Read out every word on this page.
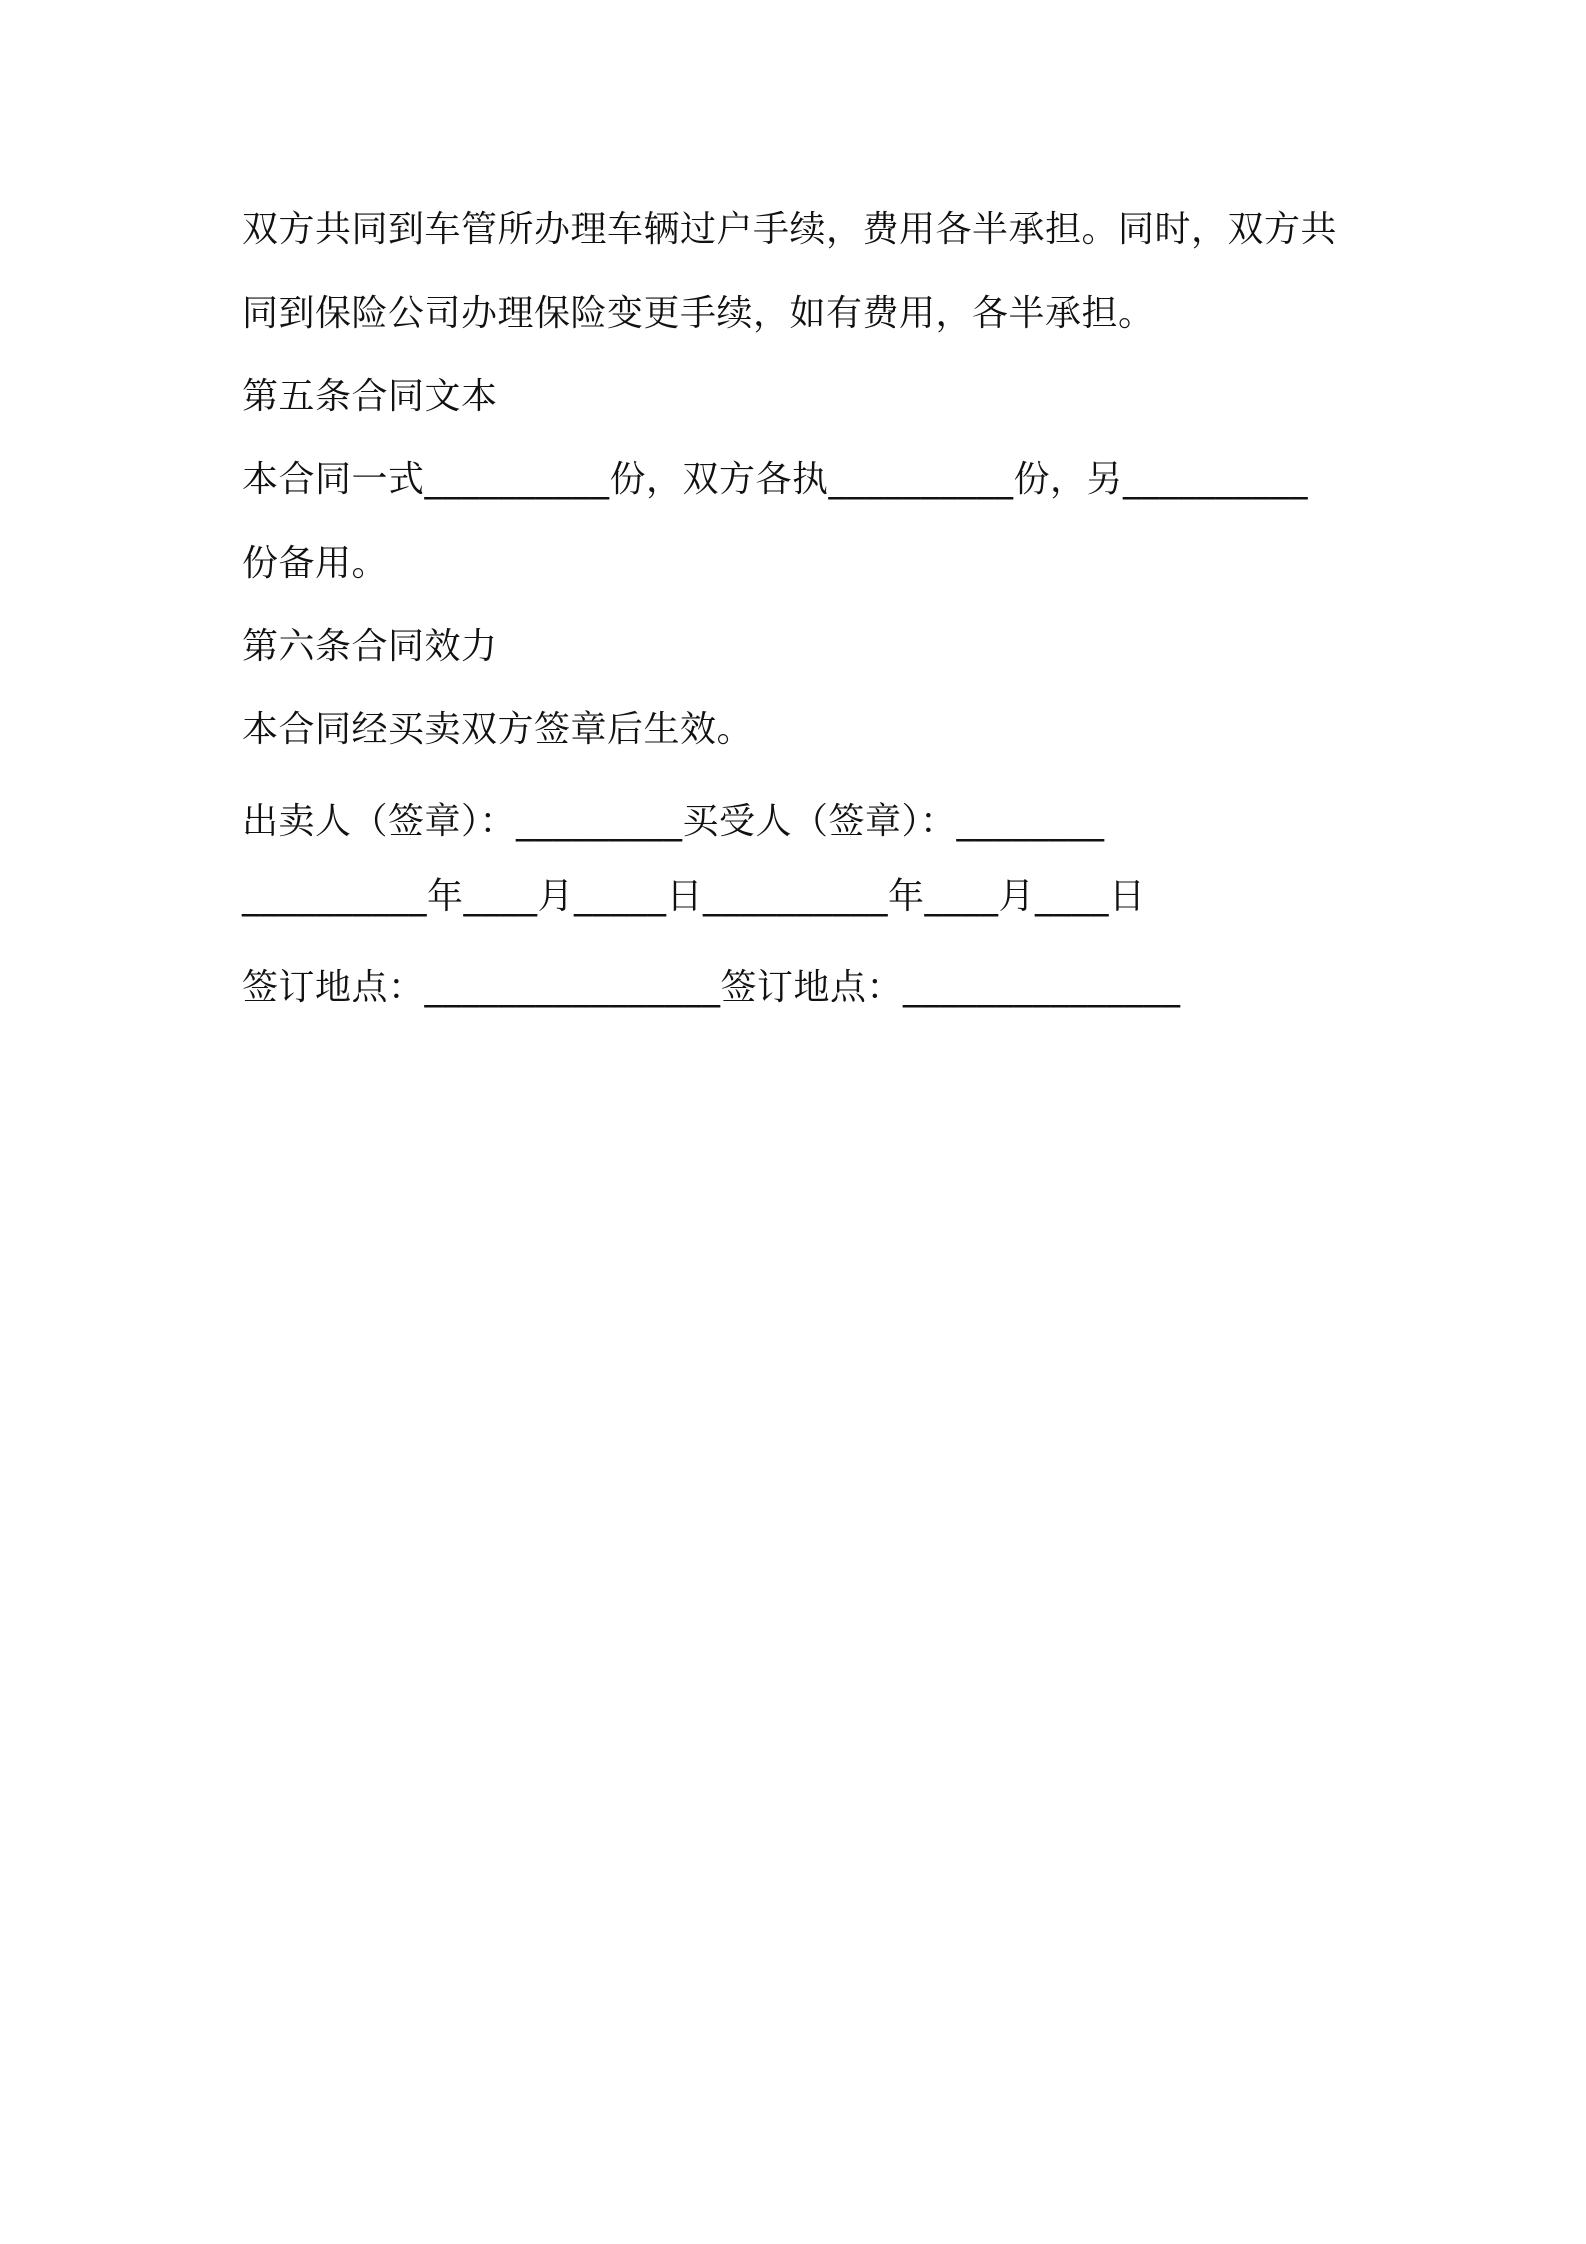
双方共同到车管所办理车辆过户手续，费用各半承担。同时，双方共

同到保险公司办理保险变更手续，如有费用，各半承担。

第五条合同文本

本合同一式__________份，双方各执__________份，另__________

份备用。

第六条合同效力

本合同经买卖双方签章后生效。

出卖人（签章）：_________买受人（签章）：________

__________年____月_____日__________年____月____日

签订地点：________________签订地点：_______________
